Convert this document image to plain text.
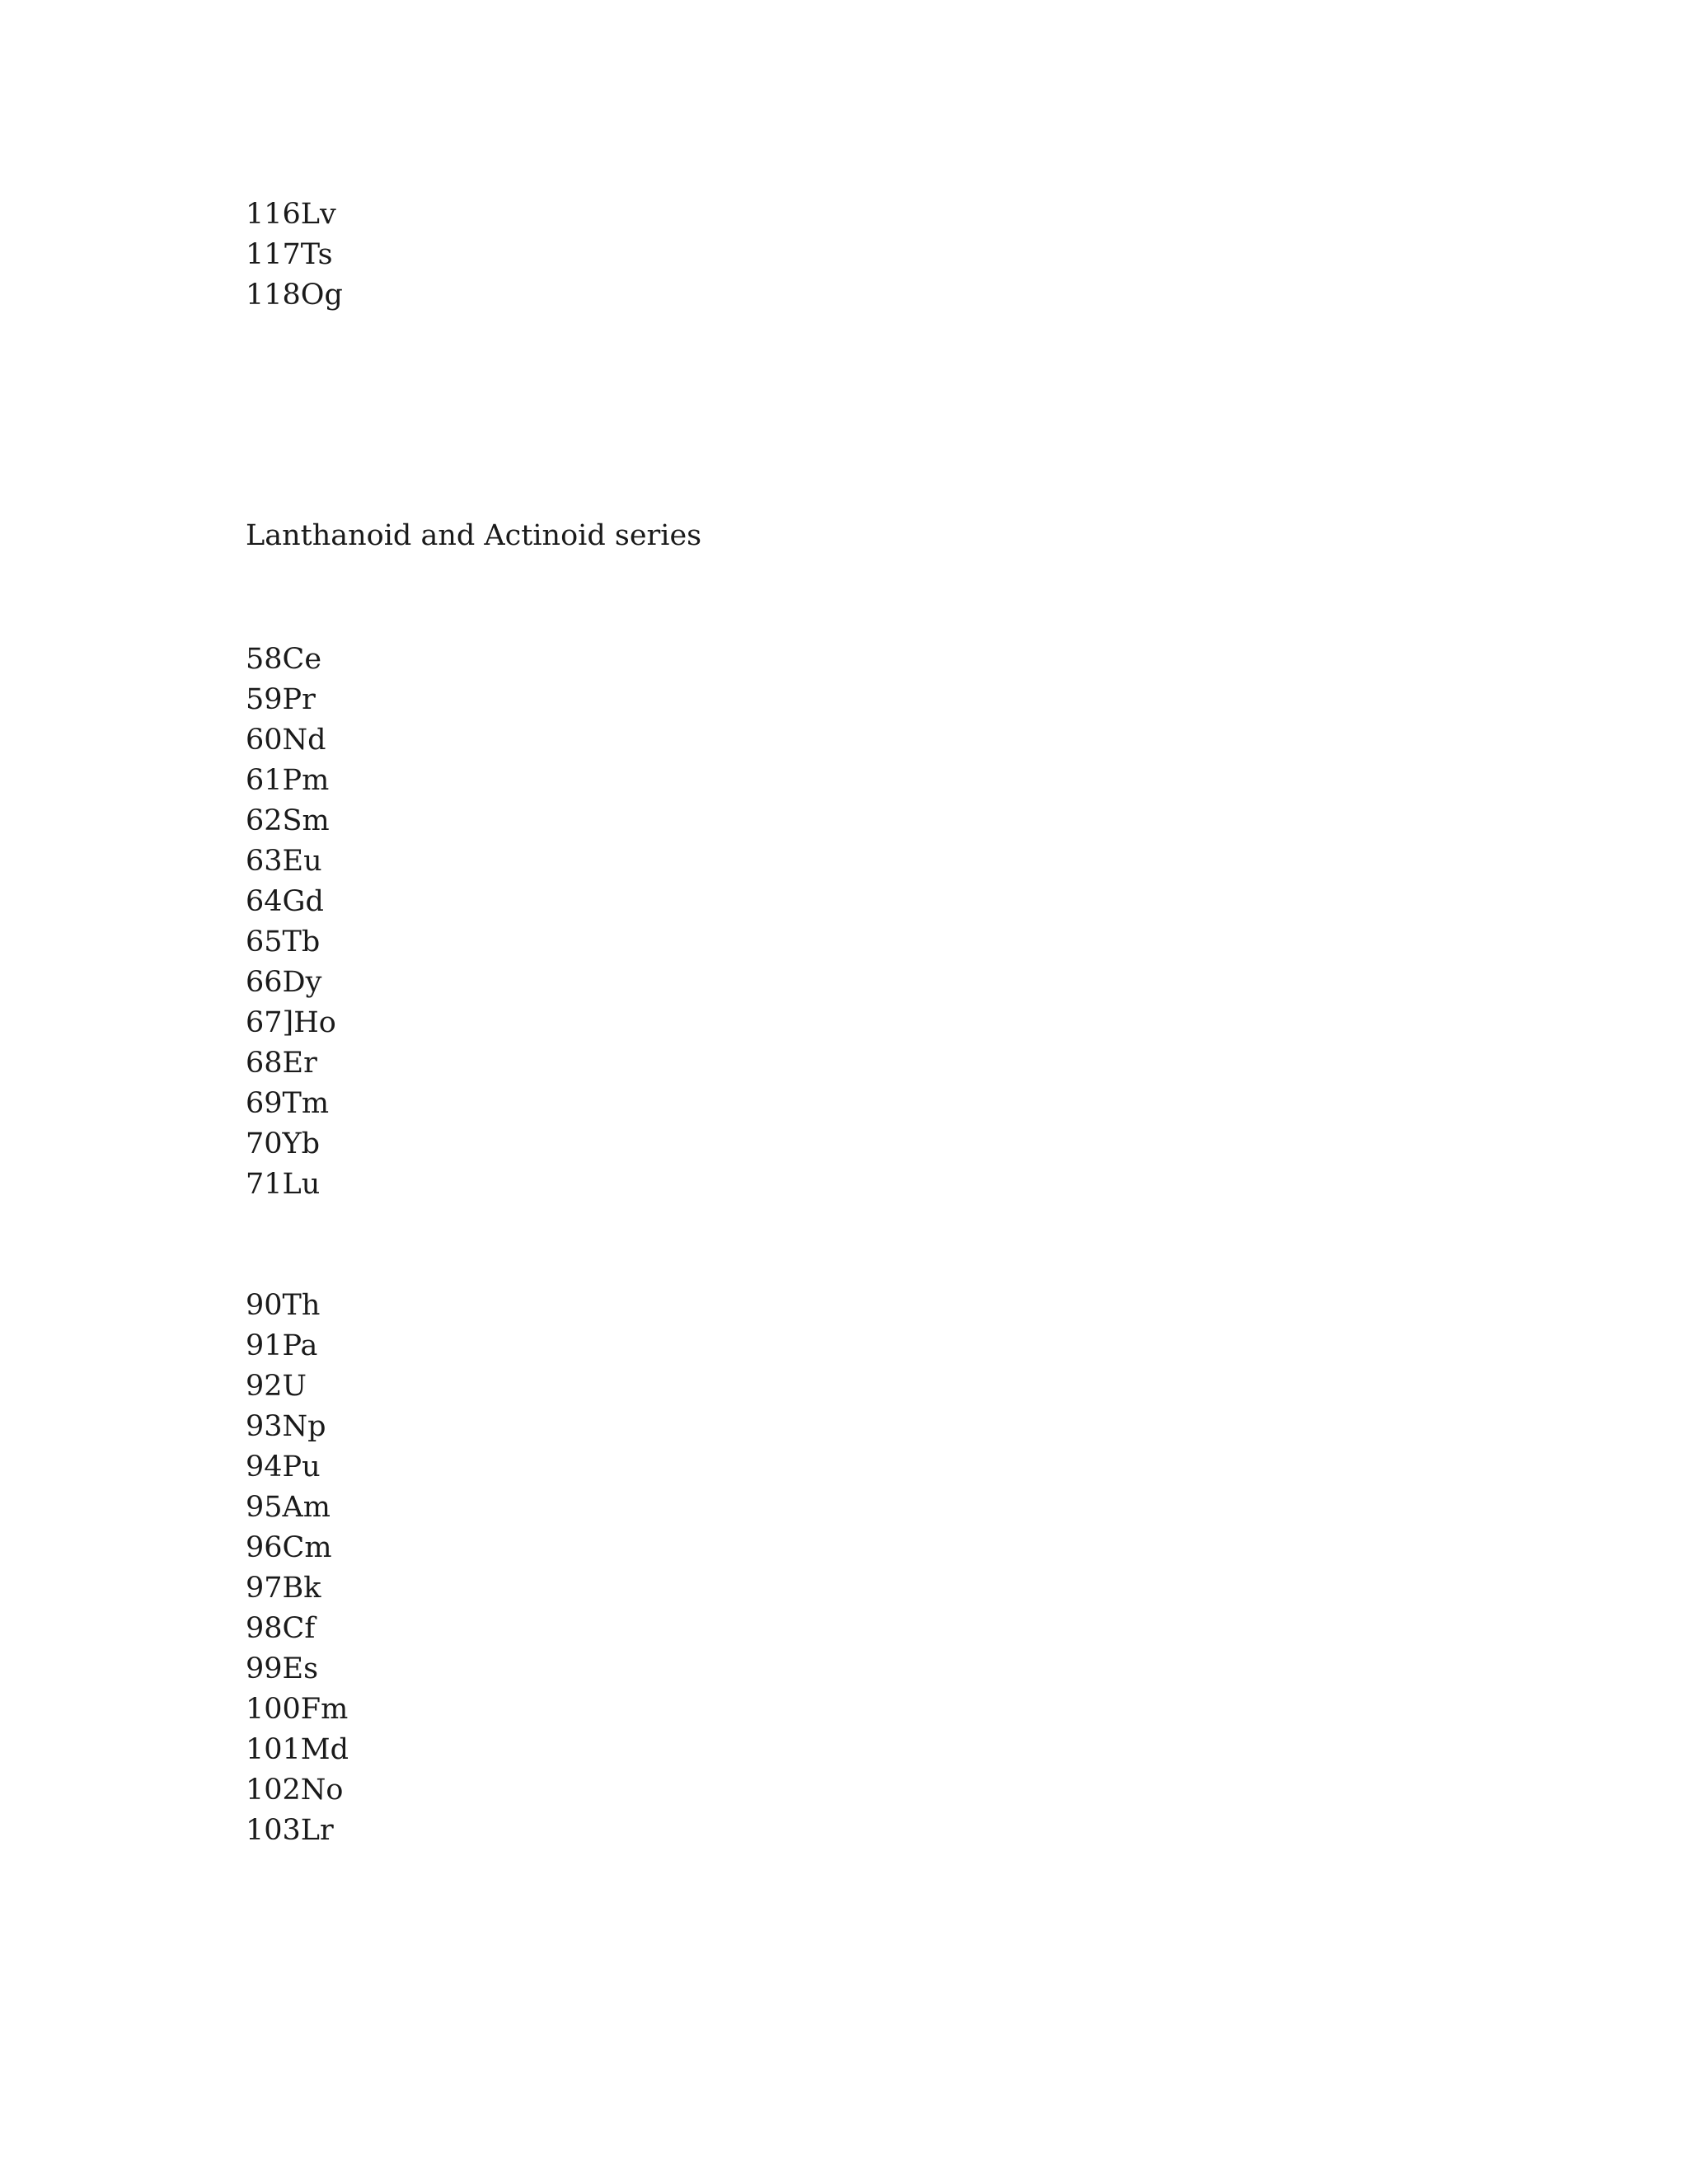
116Lv
117Ts
118Og
Lanthanoid and Actinoid series
58Ce
59Pr
60Nd
61Pm
62Sm
63Eu
64Gd
65Tb
66Dy
67]Ho
68Er
69Tm
70Yb
71Lu
90Th
91Pa
92U
93Np
94Pu
95Am
96Cm
97Bk
98Cf
99Es
100Fm
101Md
102No
103Lr
